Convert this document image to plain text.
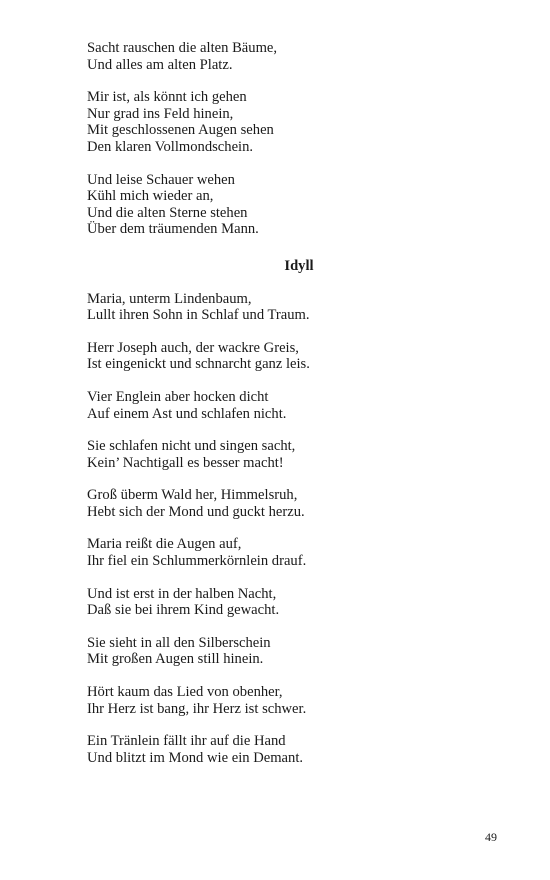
Sacht rauschen die alten Bäume,
Und alles am alten Platz.
Mir ist, als könnt ich gehen
Nur grad ins Feld hinein,
Mit geschlossenen Augen sehen
Den klaren Vollmondschein.
Und leise Schauer wehen
Kühl mich wieder an,
Und die alten Sterne stehen
Über dem träumenden Mann.
Idyll
Maria, unterm Lindenbaum,
Lullt ihren Sohn in Schlaf und Traum.
Herr Joseph auch, der wackre Greis,
Ist eingenickt und schnarcht ganz leis.
Vier Englein aber hocken dicht
Auf einem Ast und schlafen nicht.
Sie schlafen nicht und singen sacht,
Kein’ Nachtigall es besser macht!
Groß überm Wald her, Himmelsruh,
Hebt sich der Mond und guckt herzu.
Maria reißt die Augen auf,
Ihr fiel ein Schlummerkörnlein drauf.
Und ist erst in der halben Nacht,
Daß sie bei ihrem Kind gewacht.
Sie sieht in all den Silberschein
Mit großen Augen still hinein.
Hört kaum das Lied von obenher,
Ihr Herz ist bang, ihr Herz ist schwer.
Ein Tränlein fällt ihr auf die Hand
Und blitzt im Mond wie ein Demant.
49
